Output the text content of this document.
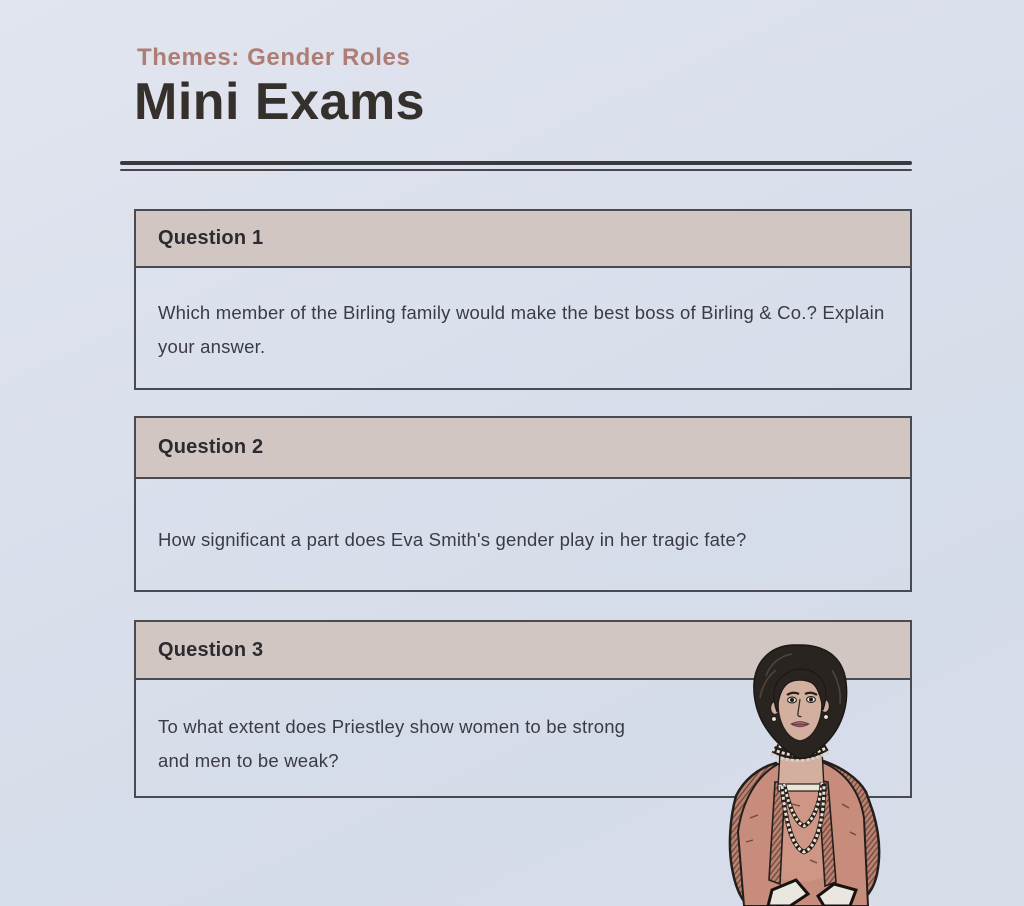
Themes: Gender Roles
Mini Exams
Question 1
Which member of the Birling family would make the best boss of Birling & Co.? Explain your answer.
Question 2
How significant a part does Eva Smith's gender play in her tragic fate?
Question 3
To what extent does Priestley show women to be strong and men to be weak?
